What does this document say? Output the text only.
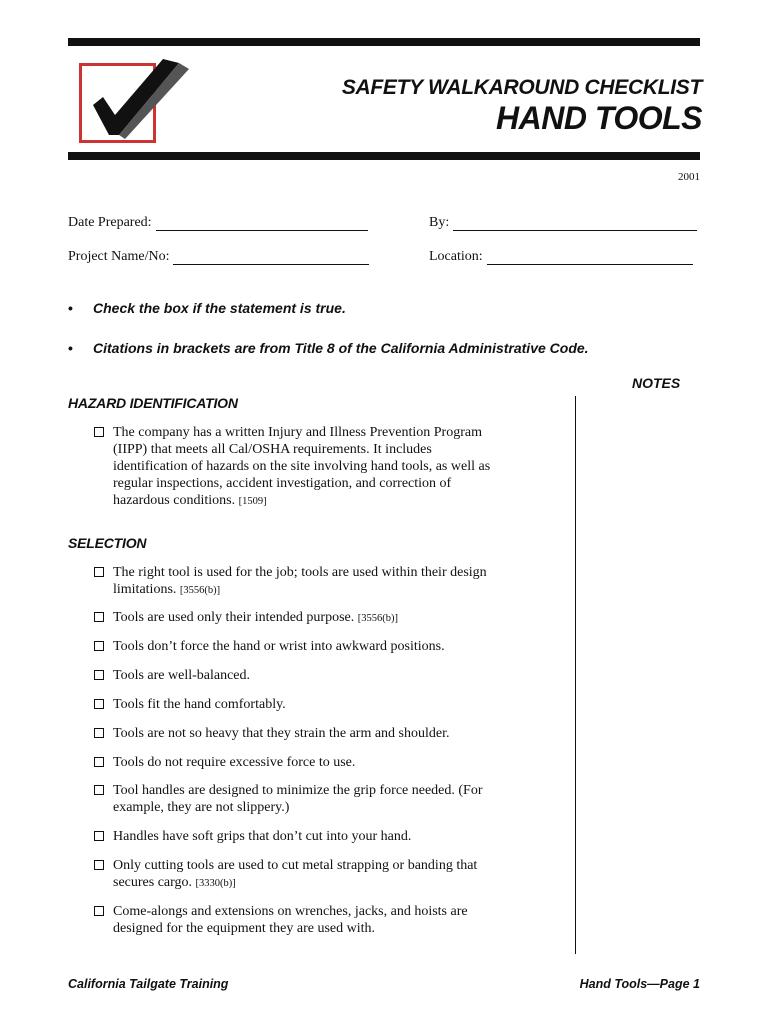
SAFETY WALKAROUND CHECKLIST
HAND TOOLS
2001
Date Prepared:	By:
Project Name/No:	Location:
• Check the box if the statement is true.
• Citations in brackets are from Title 8 of the California Administrative Code.
NOTES
HAZARD IDENTIFICATION
The company has a written Injury and Illness Prevention Program
(IIPP) that meets all Cal/OSHA requirements. It includes
identification of hazards on the site involving hand tools, as well as
regular inspections, accident investigation, and correction of
hazardous conditions. [1509]
SELECTION
The right tool is used for the job; tools are used within their design
limitations. [3556(b)]
Tools are used only their intended purpose. [3556(b)]
Tools don’t force the hand or wrist into awkward positions.
Tools are well-balanced.
Tools fit the hand comfortably.
Tools are not so heavy that they strain the arm and shoulder.
Tools do not require excessive force to use.
Tool handles are designed to minimize the grip force needed. (For
example, they are not slippery.)
Handles have soft grips that don’t cut into your hand.
Only cutting tools are used to cut metal strapping or banding that
secures cargo. [3330(b)]
Come-alongs and extensions on wrenches, jacks, and hoists are
designed for the equipment they are used with.
California Tailgate Training	Hand Tools—Page 1
